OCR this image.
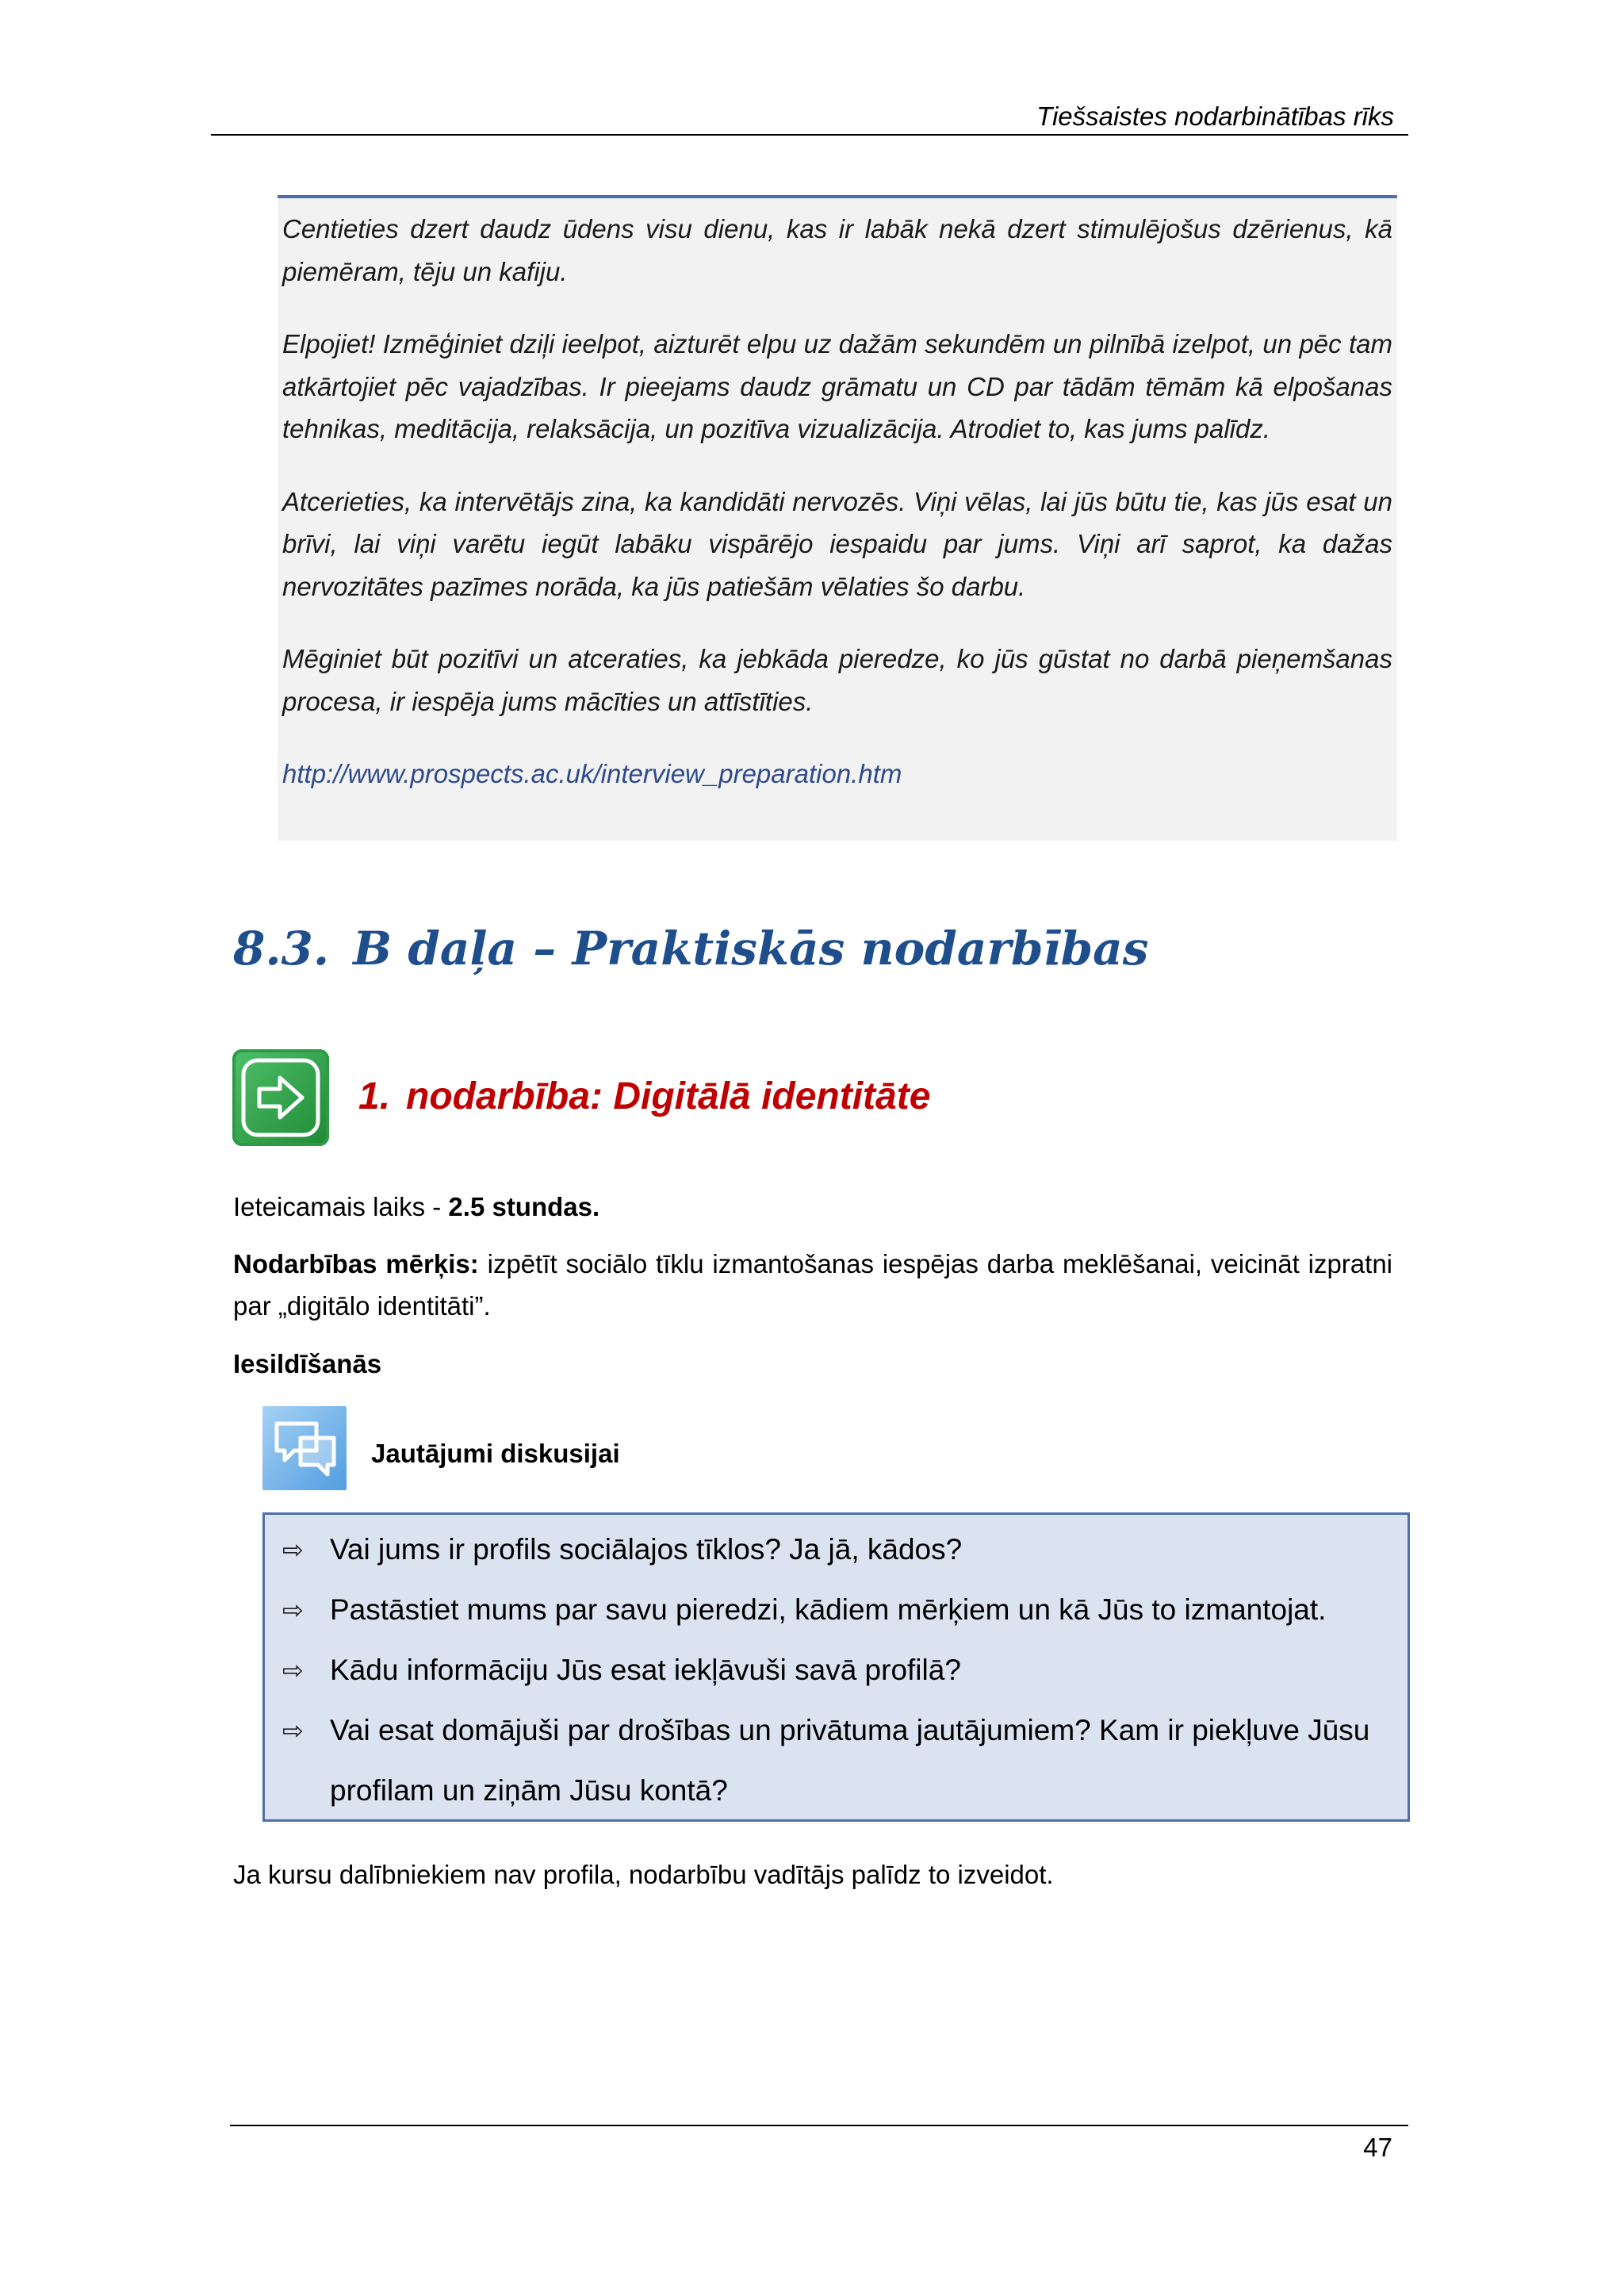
Tiešsaistes nodarbinātības rīks

Centieties dzert daudz ūdens visu dienu, kas ir labāk nekā dzert stimulējošus dzērienus, kā piemēram, tēju un kafiju.

Elpojiet! Izmēģiniet dziļi ieelpot, aizturēt elpu uz dažām sekundēm un pilnībā izelpot, un pēc tam atkārtojiet pēc vajadzības. Ir pieejams daudz grāmatu un CD par tādām tēmām kā elpošanas tehnikas, meditācija, relaksācija, un pozitīva vizualizācija. Atrodiet to, kas jums palīdz.

Atcerieties, ka intervētājs zina, ka kandidāti nervozēs. Viņi vēlas, lai jūs būtu tie, kas jūs esat un brīvi, lai viņi varētu iegūt labāku vispārējo iespaidu par jums. Viņi arī saprot, ka dažas nervozitātes pazīmes norāda, ka jūs patiešām vēlaties šo darbu.

Mēginiet būt pozitīvi un atceraties, ka jebkāda pieredze, ko jūs gūstat no darbā pieņemšanas procesa, ir iespēja jums mācīties un attīstīties.

http://www.prospects.ac.uk/interview_preparation.htm

8.3. B daļa – Praktiskās nodarbības
1. nodarbība: Digitālā identitāte
Ieteicamais laiks - 2.5 stundas.
Nodarbības mērķis: izpētīt sociālo tīklu izmantošanas iespējas darba meklēšanai, veicināt izpratni par „digitālo identitāti”.
Iesildīšanās
Jautājumi diskusijai
⇨ Vai jums ir profils sociālajos tīklos? Ja jā, kādos?
⇨ Pastāstiet mums par savu pieredzi, kādiem mērķiem un kā Jūs to izmantojat.
⇨ Kādu informāciju Jūs esat iekļāvuši savā profilā?
⇨ Vai esat domājuši par drošības un privātuma jautājumiem? Kam ir piekļuve Jūsu profilam un ziņām Jūsu kontā?
Ja kursu dalībniekiem nav profila, nodarbību vadītājs palīdz to izveidot.
47
